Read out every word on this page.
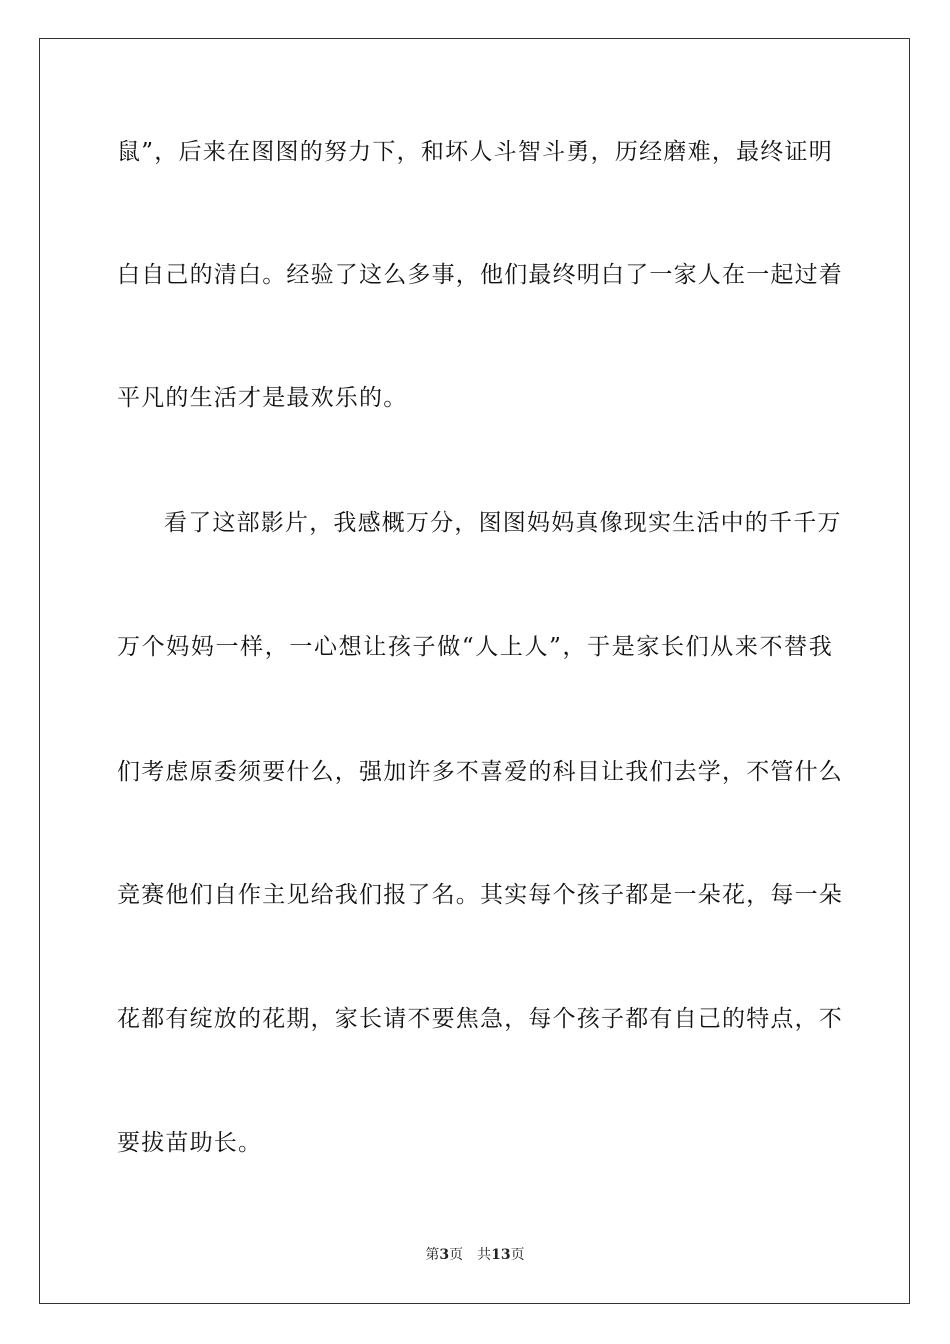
鼠”，后来在图图的努力下，和坏人斗智斗勇，历经磨难，最终证明
白自己的清白。经验了这么多事，他们最终明白了一家人在一起过着
平凡的生活才是最欢乐的。
看了这部影片，我感概万分，图图妈妈真像现实生活中的千千万
万个妈妈一样，一心想让孩子做“人上人”，于是家长们从来不替我
们考虑原委须要什么，强加许多不喜爱的科目让我们去学，不管什么
竞赛他们自作主见给我们报了名。其实每个孩子都是一朵花，每一朵
花都有绽放的花期，家长请不要焦急，每个孩子都有自己的特点，不
要拔苗助长。
第3页 共13页
